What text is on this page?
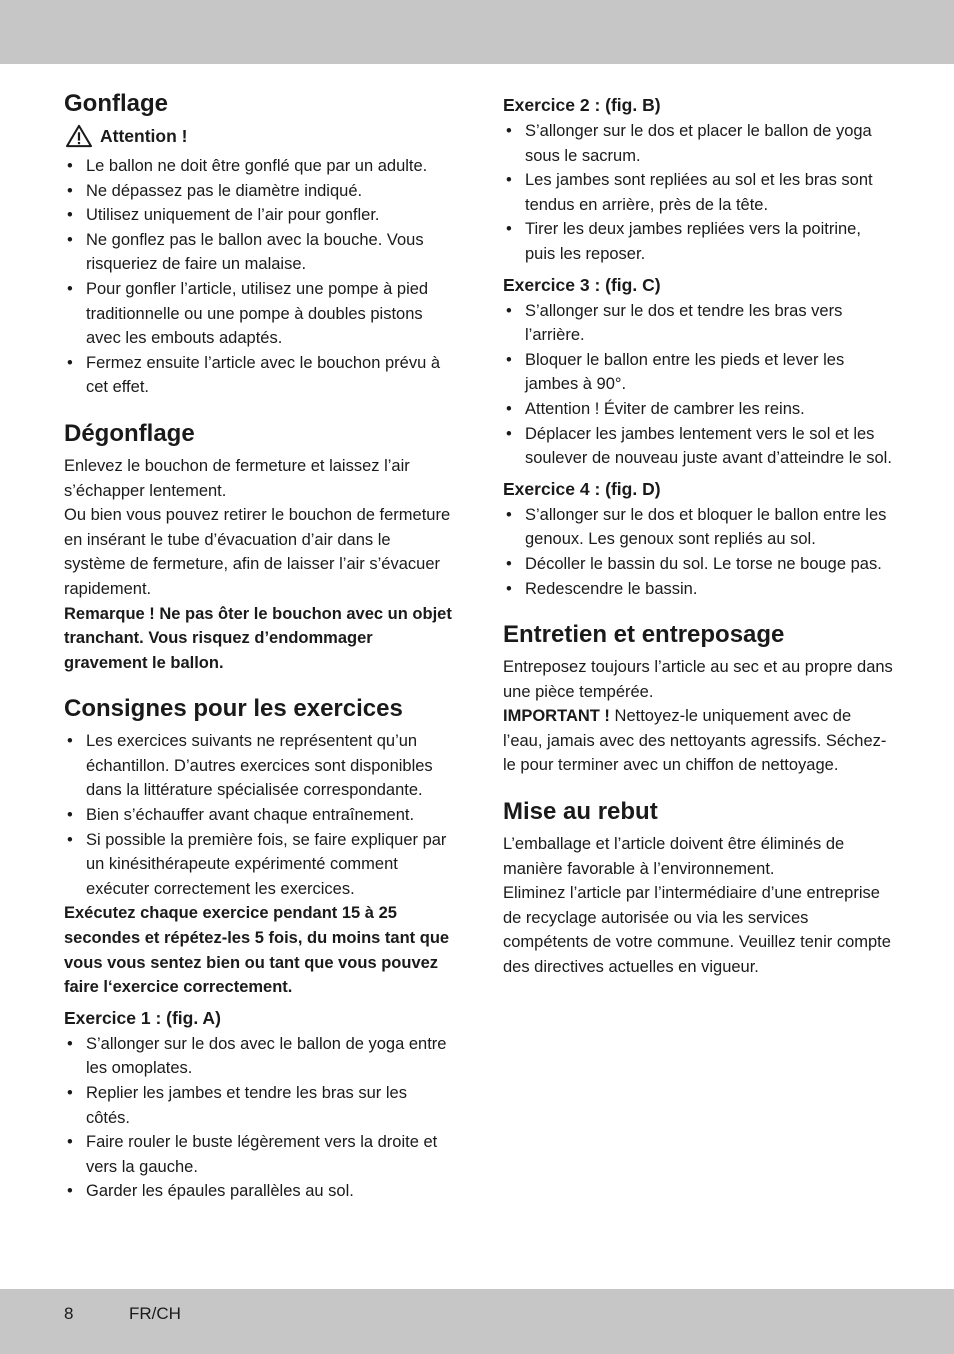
Gonflage
Attention !
• Le ballon ne doit être gonflé que par un adulte.
• Ne dépassez pas le diamètre indiqué.
• Utilisez uniquement de l’air pour gonfler.
• Ne gonflez pas le ballon avec la bouche. Vous risqueriez de faire un malaise.
• Pour gonfler l’article, utilisez une pompe à pied traditionnelle ou une pompe à doubles pistons avec les embouts adaptés.
• Fermez ensuite l’article avec le bouchon prévu à cet effet.
Dégonflage

Enlevez le bouchon de fermeture et laissez l’air s’échapper lentement.

Ou bien vous pouvez retirer le bouchon de fermeture en insérant le tube d’évacuation d’air dans le système de fermeture, afin de laisser l’air s’évacuer rapidement.

Remarque ! Ne pas ôter le bouchon avec un objet tranchant. Vous risquez d’endommager gravement le ballon.

Consignes pour les exercices
• Les exercices suivants ne représentent qu’un échantillon. D’autres exercices sont disponibles dans la littérature spécialisée correspondante.
• Bien s’échauffer avant chaque entraînement.
• Si possible la première fois, se faire expliquer par un kinésithérapeute expérimenté comment exécuter correctement les exercices.

Exécutez chaque exercice pendant 15 à 25 secondes et répétez-les 5 fois, du moins tant que vous vous sentez bien ou tant que vous pouvez faire l‘exercice correctement.

Exercice 1 : (fig. A)
• S’allonger sur le dos avec le ballon de yoga entre les omoplates.
• Replier les jambes et tendre les bras sur les côtés.
• Faire rouler le buste légèrement vers la droite et vers la gauche.
• Garder les épaules parallèles au sol.
Exercice 2 : (fig. B)
• S’allonger sur le dos et placer le ballon de yoga sous le sacrum.
• Les jambes sont repliées au sol et les bras sont tendus en arrière, près de la tête.
• Tirer les deux jambes repliées vers la poitrine, puis les reposer.
Exercice 3 : (fig. C)
• S’allonger sur le dos et tendre les bras vers l’arrière.
• Bloquer le ballon entre les pieds et lever les jambes à 90°.
• Attention ! Éviter de cambrer les reins.
• Déplacer les jambes lentement vers le sol et les soulever de nouveau juste avant d’atteindre le sol.
Exercice 4 : (fig. D)
• S’allonger sur le dos et bloquer le ballon entre les genoux. Les genoux sont repliés au sol.
• Décoller le bassin du sol. Le torse ne bouge pas.
• Redescendre le bassin.
Entretien et entreposage

Entreposez toujours l’article au sec et au propre dans une pièce tempérée.

IMPORTANT ! Nettoyez-le uniquement avec de l’eau, jamais avec des nettoyants agressifs. Séchez-le pour terminer avec un chiffon de nettoyage.

Mise au rebut

L’emballage et l’article doivent être éliminés de manière favorable à l’environnement.

Eliminez l’article par l’intermédiaire d’une entreprise de recyclage autorisée ou via les services compétents de votre commune. Veuillez tenir compte des directives actuelles en vigueur.

8	FR/CH
